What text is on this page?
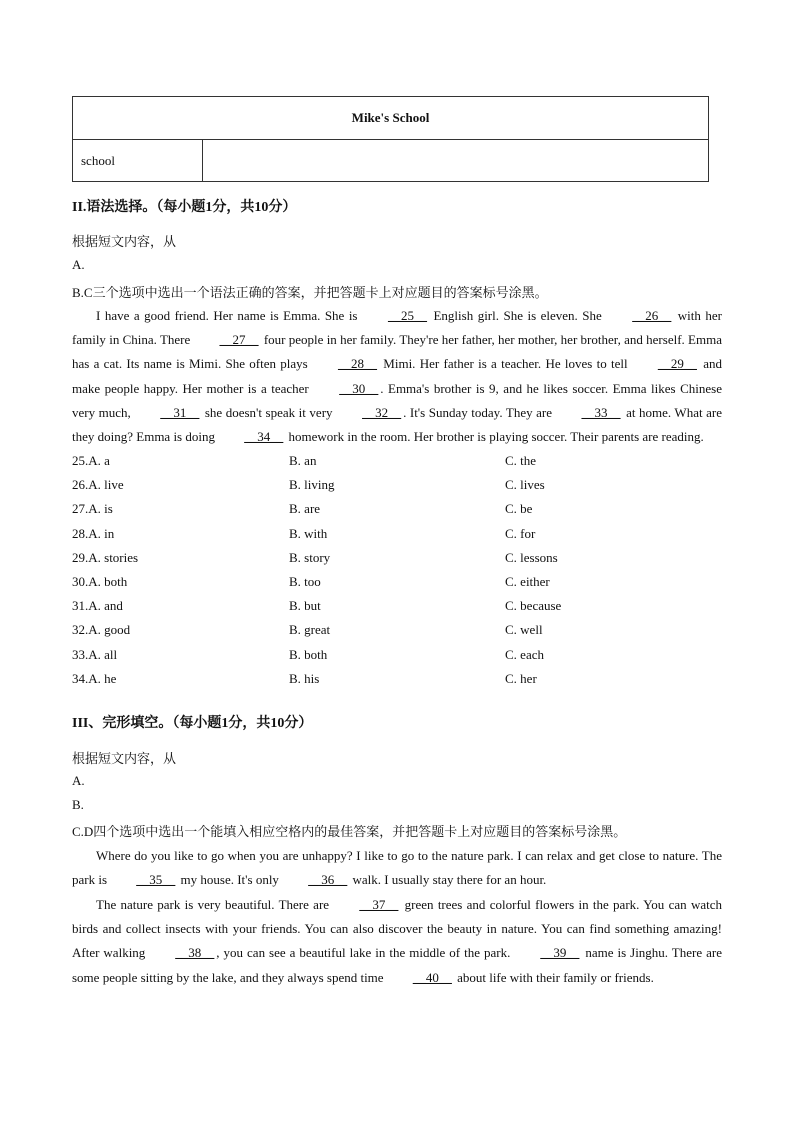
Mike's School
school	
II.语法选择。（每小题1分，共10分）
根据短文内容，从
A.
B.C三个选项中选出一个语法正确的答案，并把答题卡上对应题目的答案标号涂黑。
I have a good friend. Her name is Emma. She is __25__ English girl. She is eleven. She __26__ with her family in China. There __27__ four people in her family. They're her father, her mother, her brother, and herself. Emma has a cat. Its name is Mimi. She often plays __28__ Mimi. Her father is a teacher. He loves to tell __29__ and make people happy. Her mother is a teacher __30__ . Emma's brother is 9, and he likes soccer. Emma likes Chinese very much, __31__ she doesn't speak it very __32__ . It's Sunday today. They are __33__ at home. What are they doing? Emma is doing __34__ homework in the room. Her brother is playing soccer. Their parents are reading.
25.A. a	B. an	C. the
26.A. live	B. living	C. lives
27.A. is	B. are	C. be
28.A. in	B. with	C. for
29.A. stories	B. story	C. lessons
30.A. both	B. too	C. either
31.A. and	B. but	C. because
32.A. good	B. great	C. well
33.A. all	B. both	C. each
34.A. he	B. his	C. her
III、完形填空。（每小题1分，共10分）
根据短文内容，从
A.
B.
C.D四个选项中选出一个能填入相应空格内的最佳答案，并把答题卡上对应题目的答案标号涂黑。
Where do you like to go when you are unhappy? I like to go to the nature park. I can relax and get close to nature. The park is __35__ my house. It's only __36__ walk. I usually stay there for an hour.
The nature park is very beautiful. There are __37__ green trees and colorful flowers in the park. You can watch birds and collect insects with your friends. You can also discover the beauty in nature. You can find something amazing! After walking __38__ , you can see a beautiful lake in the middle of the park. __39__ name is Jinghu. There are some people sitting by the lake, and they always spend time __40__ about life with their family or friends.
